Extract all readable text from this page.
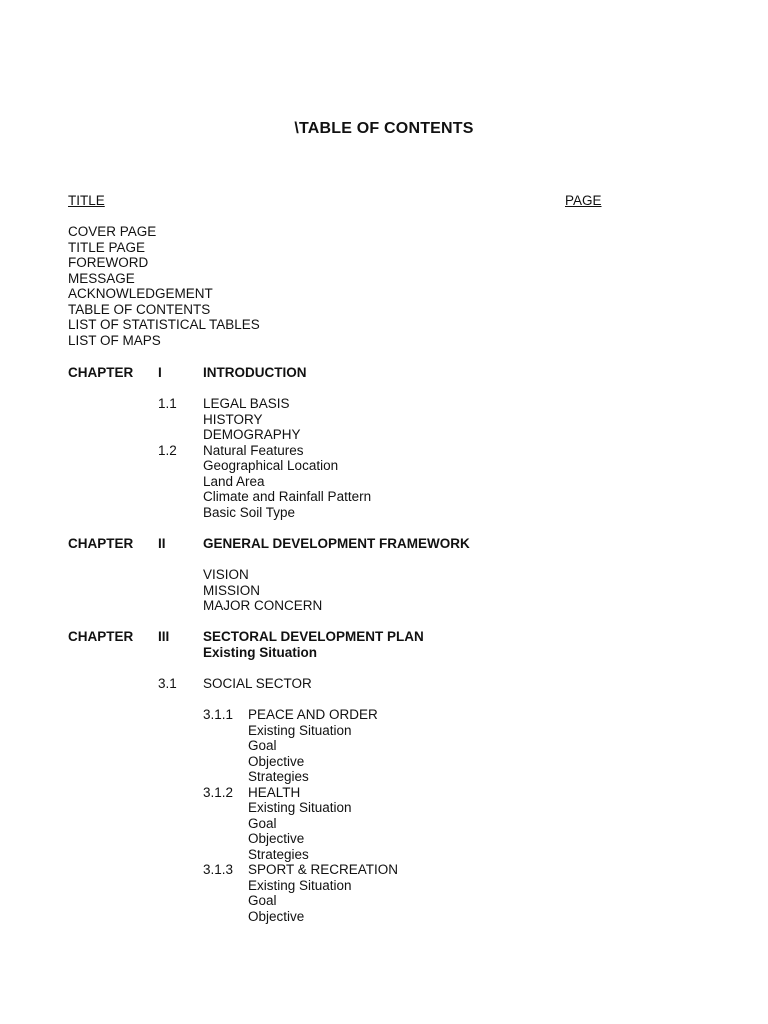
\TABLE OF CONTENTS
TITLE	PAGE
COVER PAGE
TITLE PAGE
FOREWORD
MESSAGE
ACKNOWLEDGEMENT
TABLE OF CONTENTS
LIST OF STATISTICAL TABLES
LIST OF MAPS
CHAPTER I	INTRODUCTION
1.1 LEGAL BASIS
HISTORY
DEMOGRAPHY
1.2 Natural Features
Geographical Location
Land Area
Climate and Rainfall Pattern
Basic Soil Type
CHAPTER II	GENERAL DEVELOPMENT FRAMEWORK
VISION
MISSION
MAJOR CONCERN
CHAPTER III SECTORAL DEVELOPMENT PLAN
Existing Situation
3.1 SOCIAL SECTOR
3.1.1 PEACE AND ORDER
Existing Situation
Goal
Objective
Strategies
3.1.2 HEALTH
Existing Situation
Goal
Objective
Strategies
3.1.3 SPORT & RECREATION
Existing Situation
Goal
Objective
